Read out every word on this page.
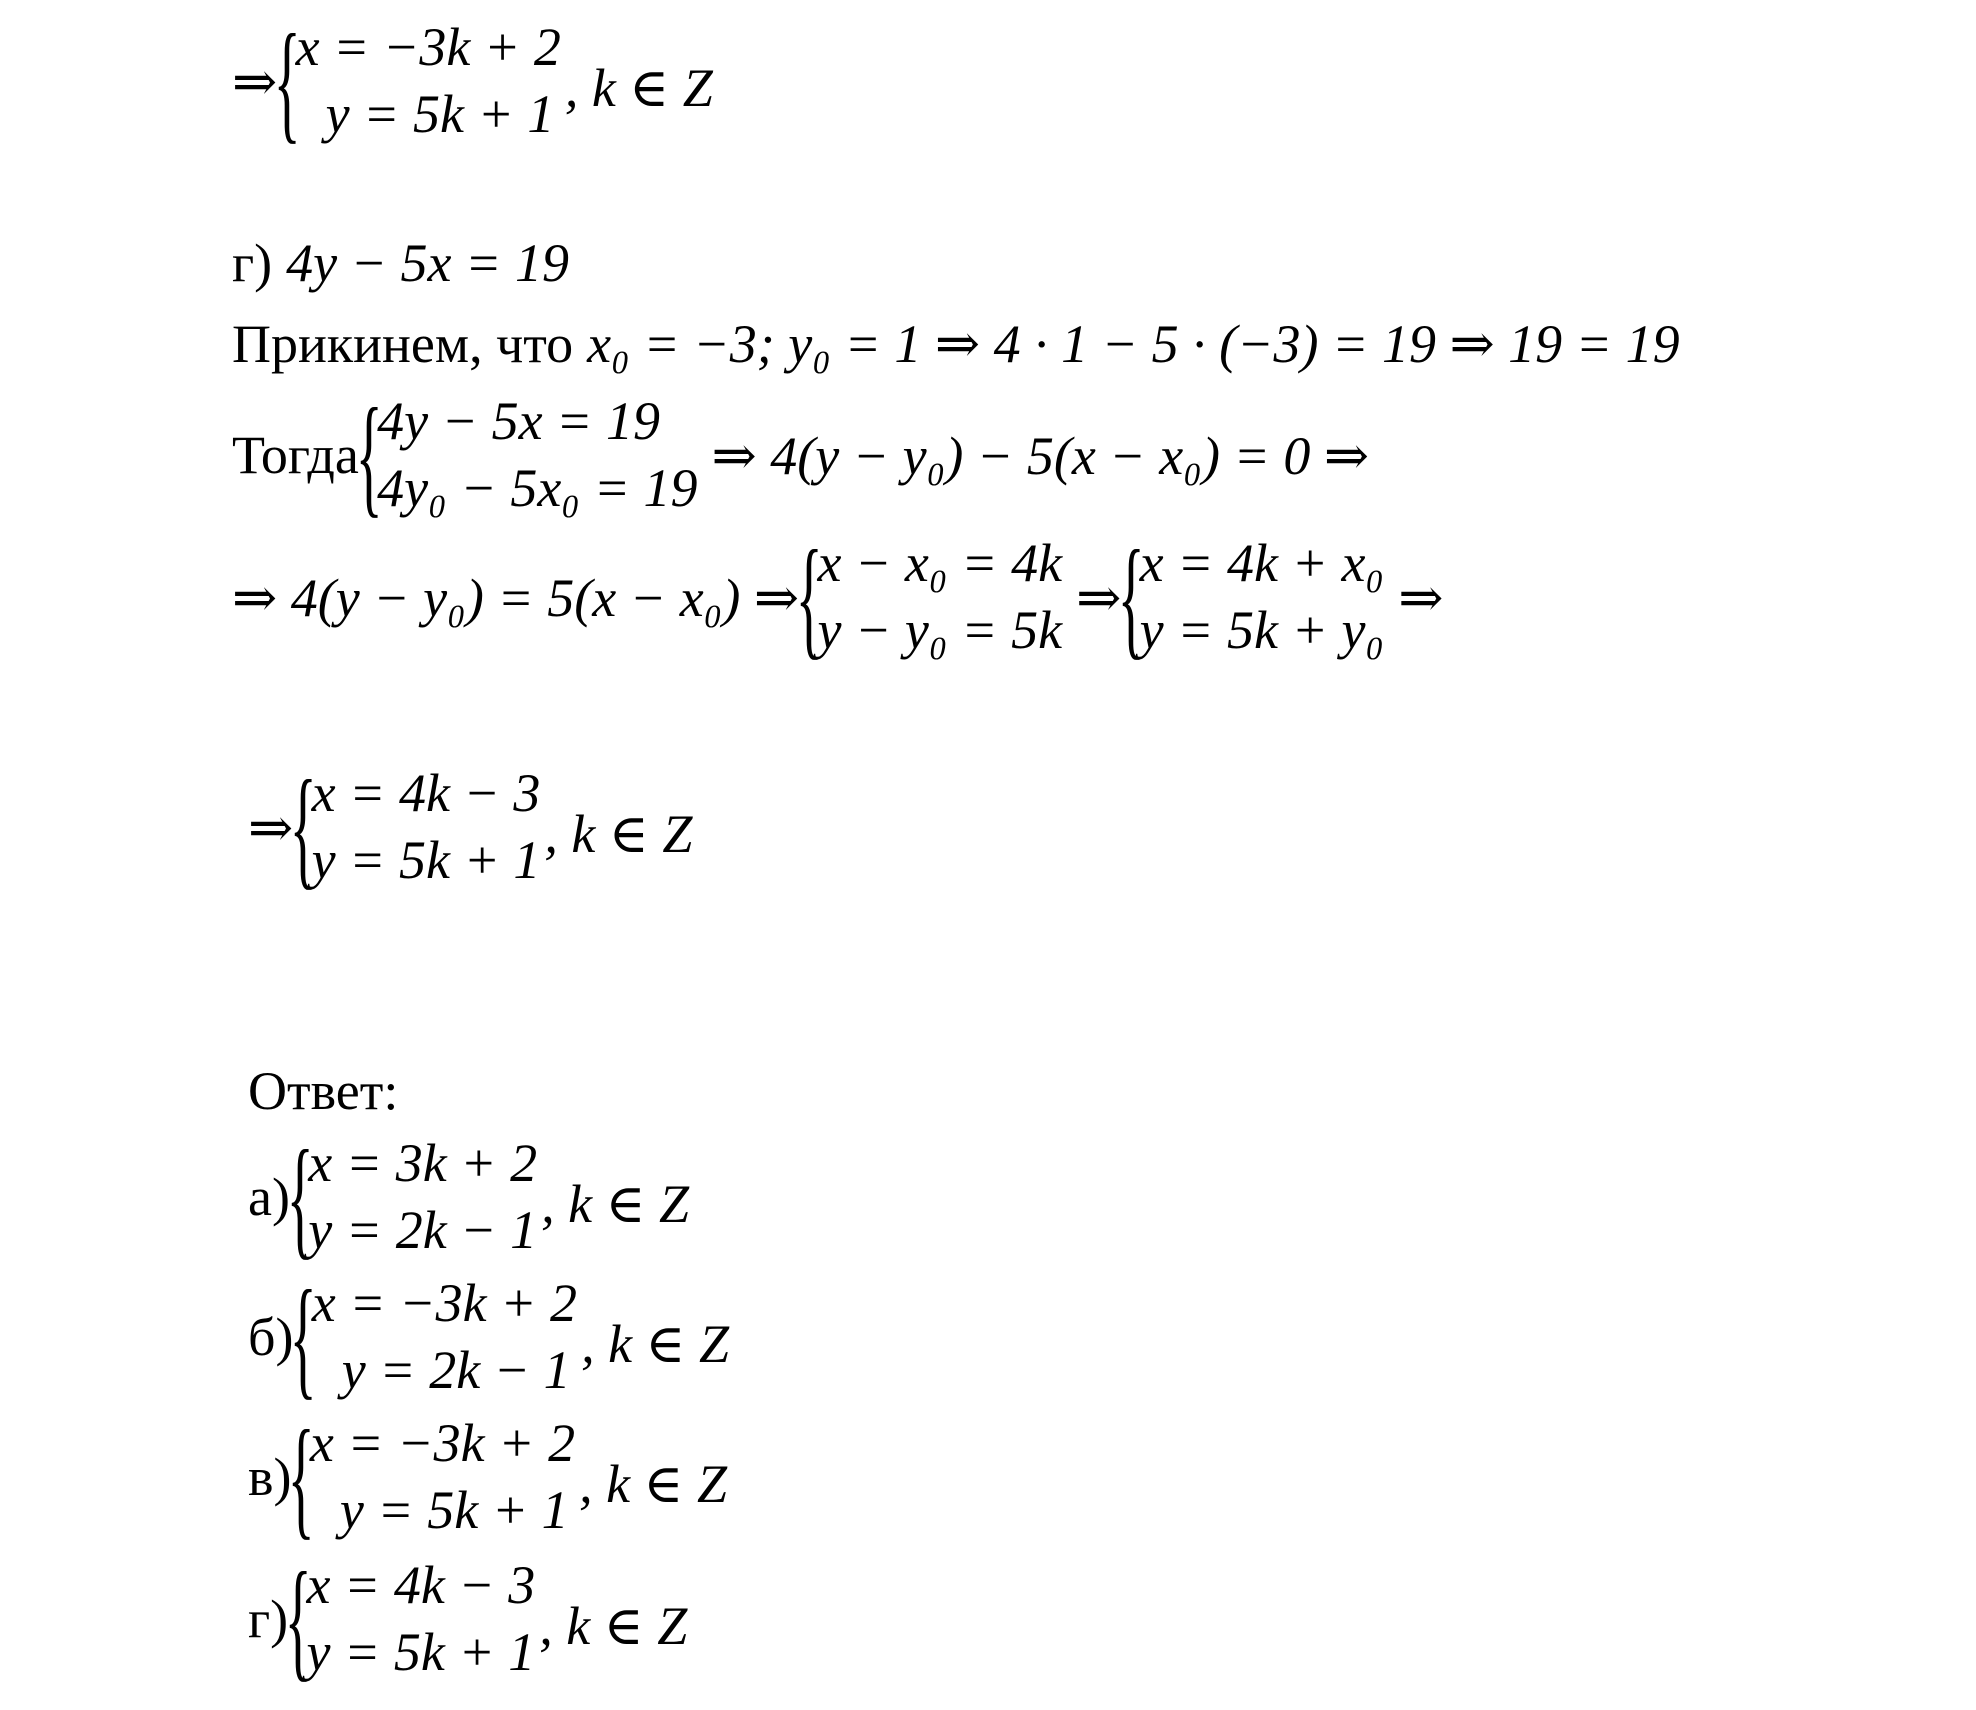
⇒
{
x = −3k + 2
y = 5k + 1 , k ∈ Z
г) 4y − 5x = 19
Прикинем, что x₀ = −3; y₀ = 1 ⇒ 4 · 1 − 5 · (−3) = 19 ⇒ 19 = 19
Тогда
{
4y − 5x = 19
4y₀ − 5x₀ = 19
⇒ 4(y − y₀) − 5(x − x₀) = 0 ⇒
⇒ 4(y − y₀) = 5(x − x₀) ⇒
{
x − x₀ = 4k
y − y₀ = 5k
⇒
{
x = 4k + x₀
y = 5k + y₀
⇒
⇒
{
x = 4k − 3
y = 5k + 1 , k ∈ Z
Ответ:
а)
{
x = 3k + 2
y = 2k − 1 , k ∈ Z
б)
{
x = −3k + 2
y = 2k − 1 , k ∈ Z
в)
{
x = −3k + 2
y = 5k + 1 , k ∈ Z
г)
{
x = 4k − 3
y = 5k + 1 , k ∈ Z
